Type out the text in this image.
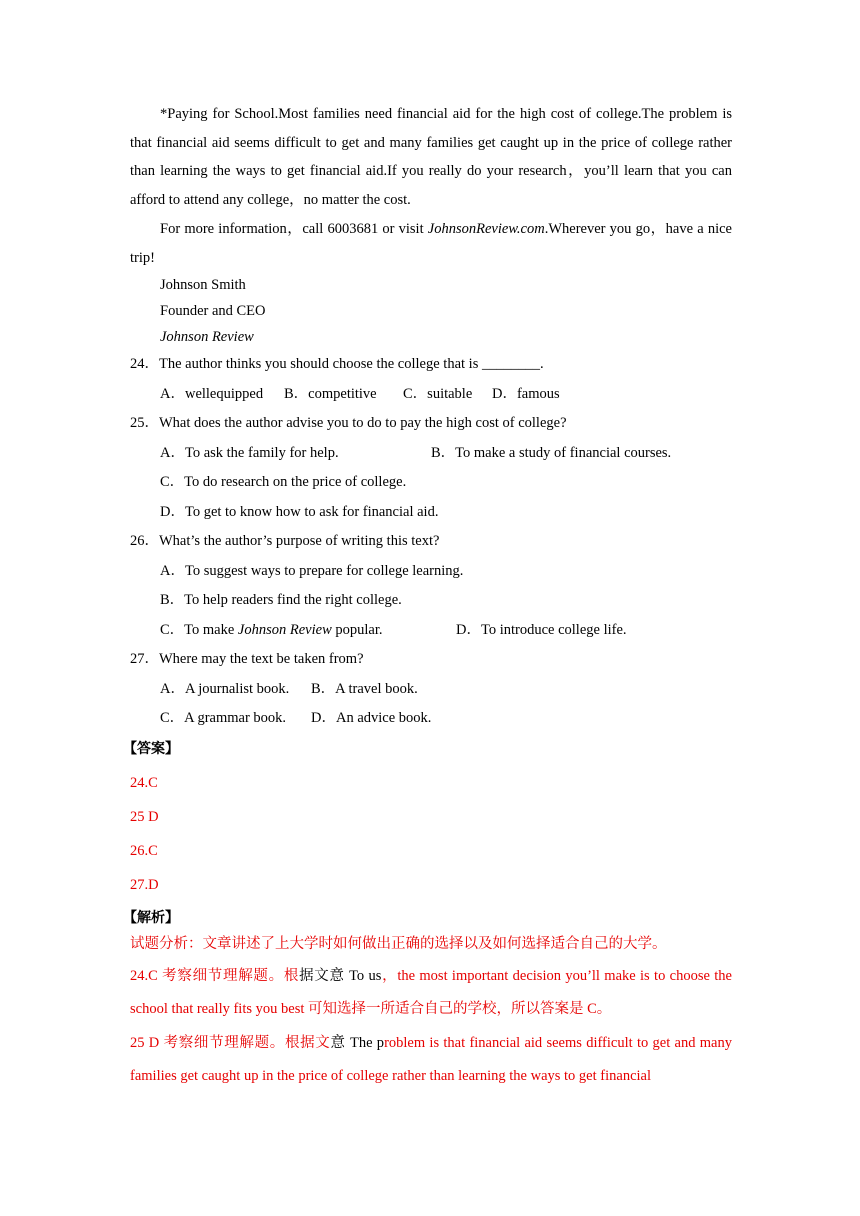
*Paying for School.Most families need financial aid for the high cost of college.The problem is that financial aid seems difficult to get and many families get caught up in the price of college rather than learning the ways to get financial aid.If you really do your research，you’ll learn that you can afford to attend any college，no matter the cost.

For more information，call 6003681 or visit JohnsonReview.com.Wherever you go，have a nice trip!

Johnson Smith

Founder and CEO

Johnson Review

24．The author thinks you should choose the college that is ________.

A．wellequipped B．competitive C．suitable D．famous

25．What does the author advise you to do to pay the high cost of college?

A．To ask the family for help.	B．To make a study of financial courses.

C．To do research on the price of college.

D．To get to know how to ask for financial aid.

26．What’s the author’s purpose of writing this text?

A．To suggest ways to prepare for college learning.

B．To help readers find the right college.

C．To make Johnson Review popular.	D．To introduce college life.

27．Where may the text be taken from?

A．A journalist book. B．A travel book.

C．A grammar book. D．An advice book.

【答案】

24.C

25 D

26.C

27.D

【解析】

试题分析：文章讲述了上大学时如何做出正确的选择以及如何选择适合自己的大学。

24.C 考察细节理解题。根据文意 To us，the most important decision you’ll make is to choose the school that really fits you best 可知选择一所适合自己的学校，所以答案是 C。

25 D 考察细节理解题。根据文意 The problem is that financial aid seems difficult to get and many families get caught up in the price of college rather than learning the ways to get financial
